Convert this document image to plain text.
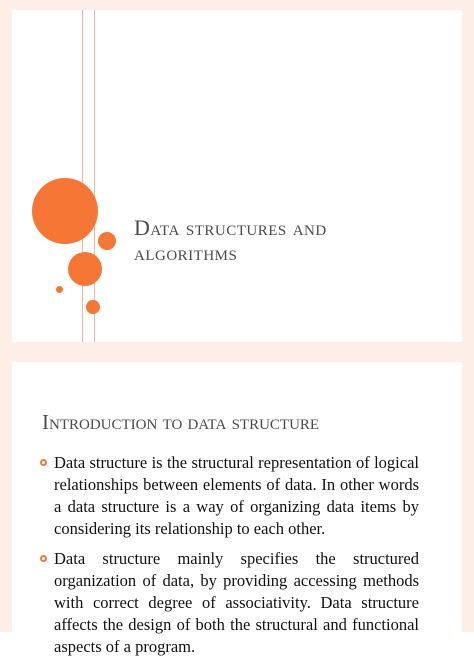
Data structures and
algorithms
Introduction to data structure
Data structure is the structural representation of logical relationships between elements of data. In other words a data structure is a way of organizing data items by considering its relationship to each other.
Data structure mainly specifies the structured organization of data, by providing accessing methods with correct degree of associativity. Data structure affects the design of both the structural and functional aspects of a program.
